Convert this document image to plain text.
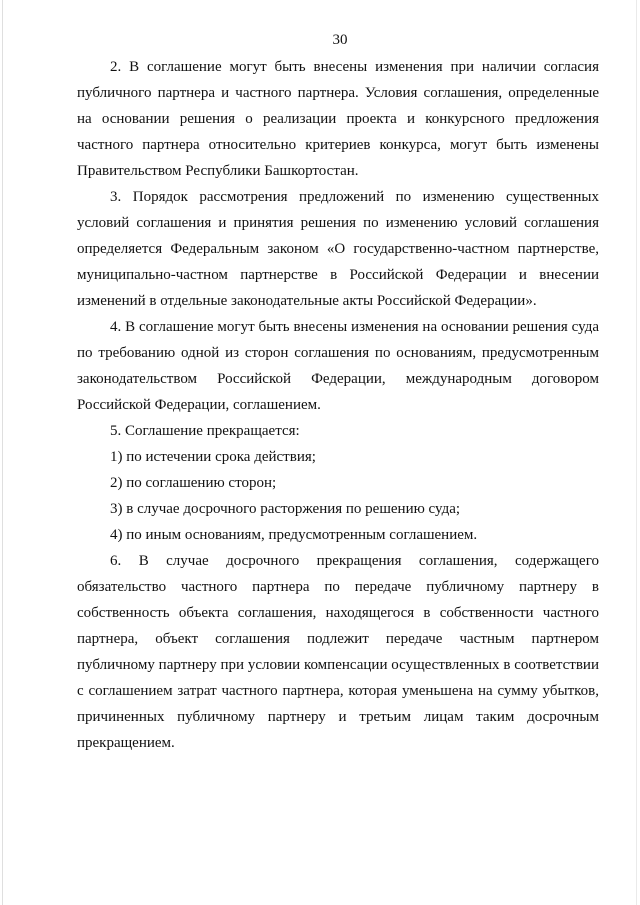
30

2. В соглашение могут быть внесены изменения при наличии согласия публичного партнера и частного партнера. Условия соглашения, определенные на основании решения о реализации проекта и конкурсного предложения частного партнера относительно критериев конкурса, могут быть изменены Правительством Республики Башкортостан.

3. Порядок рассмотрения предложений по изменению существенных условий соглашения и принятия решения по изменению условий соглашения определяется Федеральным законом «О государственно-частном партнерстве, муниципально-частном партнерстве в Российской Федерации и внесении изменений в отдельные законодательные акты Российской Федерации».

4. В соглашение могут быть внесены изменения на основании решения суда по требованию одной из сторон соглашения по основаниям, предусмотренным законодательством Российской Федерации, международным договором Российской Федерации, соглашением.

5. Соглашение прекращается:

1) по истечении срока действия;

2) по соглашению сторон;

3) в случае досрочного расторжения по решению суда;

4) по иным основаниям, предусмотренным соглашением.

6. В случае досрочного прекращения соглашения, содержащего обязательство частного партнера по передаче публичному партнеру в собственность объекта соглашения, находящегося в собственности частного партнера, объект соглашения подлежит передаче частным партнером публичному партнеру при условии компенсации осуществленных в соответствии с соглашением затрат частного партнера, которая уменьшена на сумму убытков, причиненных публичному партнеру и третьим лицам таким досрочным прекращением.
